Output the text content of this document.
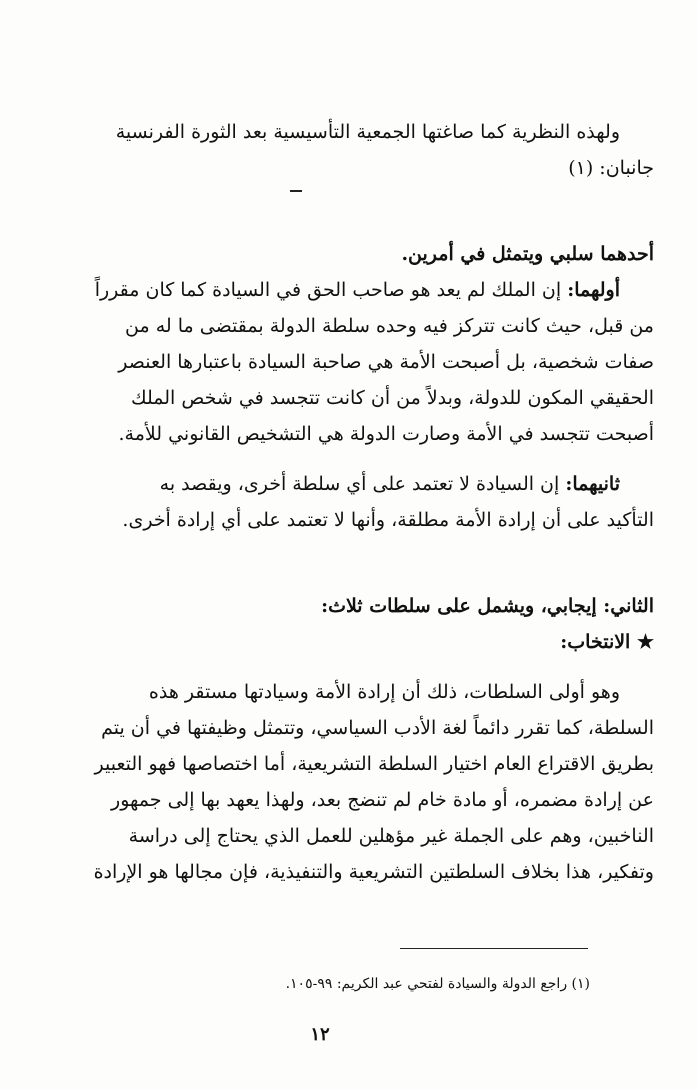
ولهذه النظرية كما صاغتها الجمعية التأسيسية بعد الثورة الفرنسية
جانبان: (١)
أحدهما سلبي ويتمثل في أمرين.
أولهما: إن الملك لم يعد هو صاحب الحق في السيادة كما كان مقرراً
من قبل، حيث كانت تتركز فيه وحده سلطة الدولة بمقتضى ما له من
صفات شخصية، بل أصبحت الأمة هي صاحبة السيادة باعتبارها العنصر
الحقيقي المكون للدولة، وبدلاً من أن كانت تتجسد في شخص الملك
أصبحت تتجسد في الأمة وصارت الدولة هي التشخيص القانوني للأمة.
ثانيهما: إن السيادة لا تعتمد على أي سلطة أخرى، ويقصد به
التأكيد على أن إرادة الأمة مطلقة، وأنها لا تعتمد على أي إرادة أخرى.
الثاني: إيجابي، ويشمل على سلطات ثلاث:
★ الانتخاب:
وهو أولى السلطات، ذلك أن إرادة الأمة وسيادتها مستقر هذه
السلطة، كما تقرر دائماً لغة الأدب السياسي، وتتمثل وظيفتها في أن يتم
بطريق الاقتراع العام اختيار السلطة التشريعية، أما اختصاصها فهو التعبير
عن إرادة مضمره، أو مادة خام لم تنضج بعد، ولهذا يعهد بها إلى جمهور
الناخبين، وهم على الجملة غير مؤهلين للعمل الذي يحتاج إلى دراسة
وتفكير، هذا بخلاف السلطتين التشريعية والتنفيذية، فإن مجالها هو الإرادة
(١) راجع الدولة والسيادة لفتحي عبد الكريم: ٩٩-١٠٥.
١٢
